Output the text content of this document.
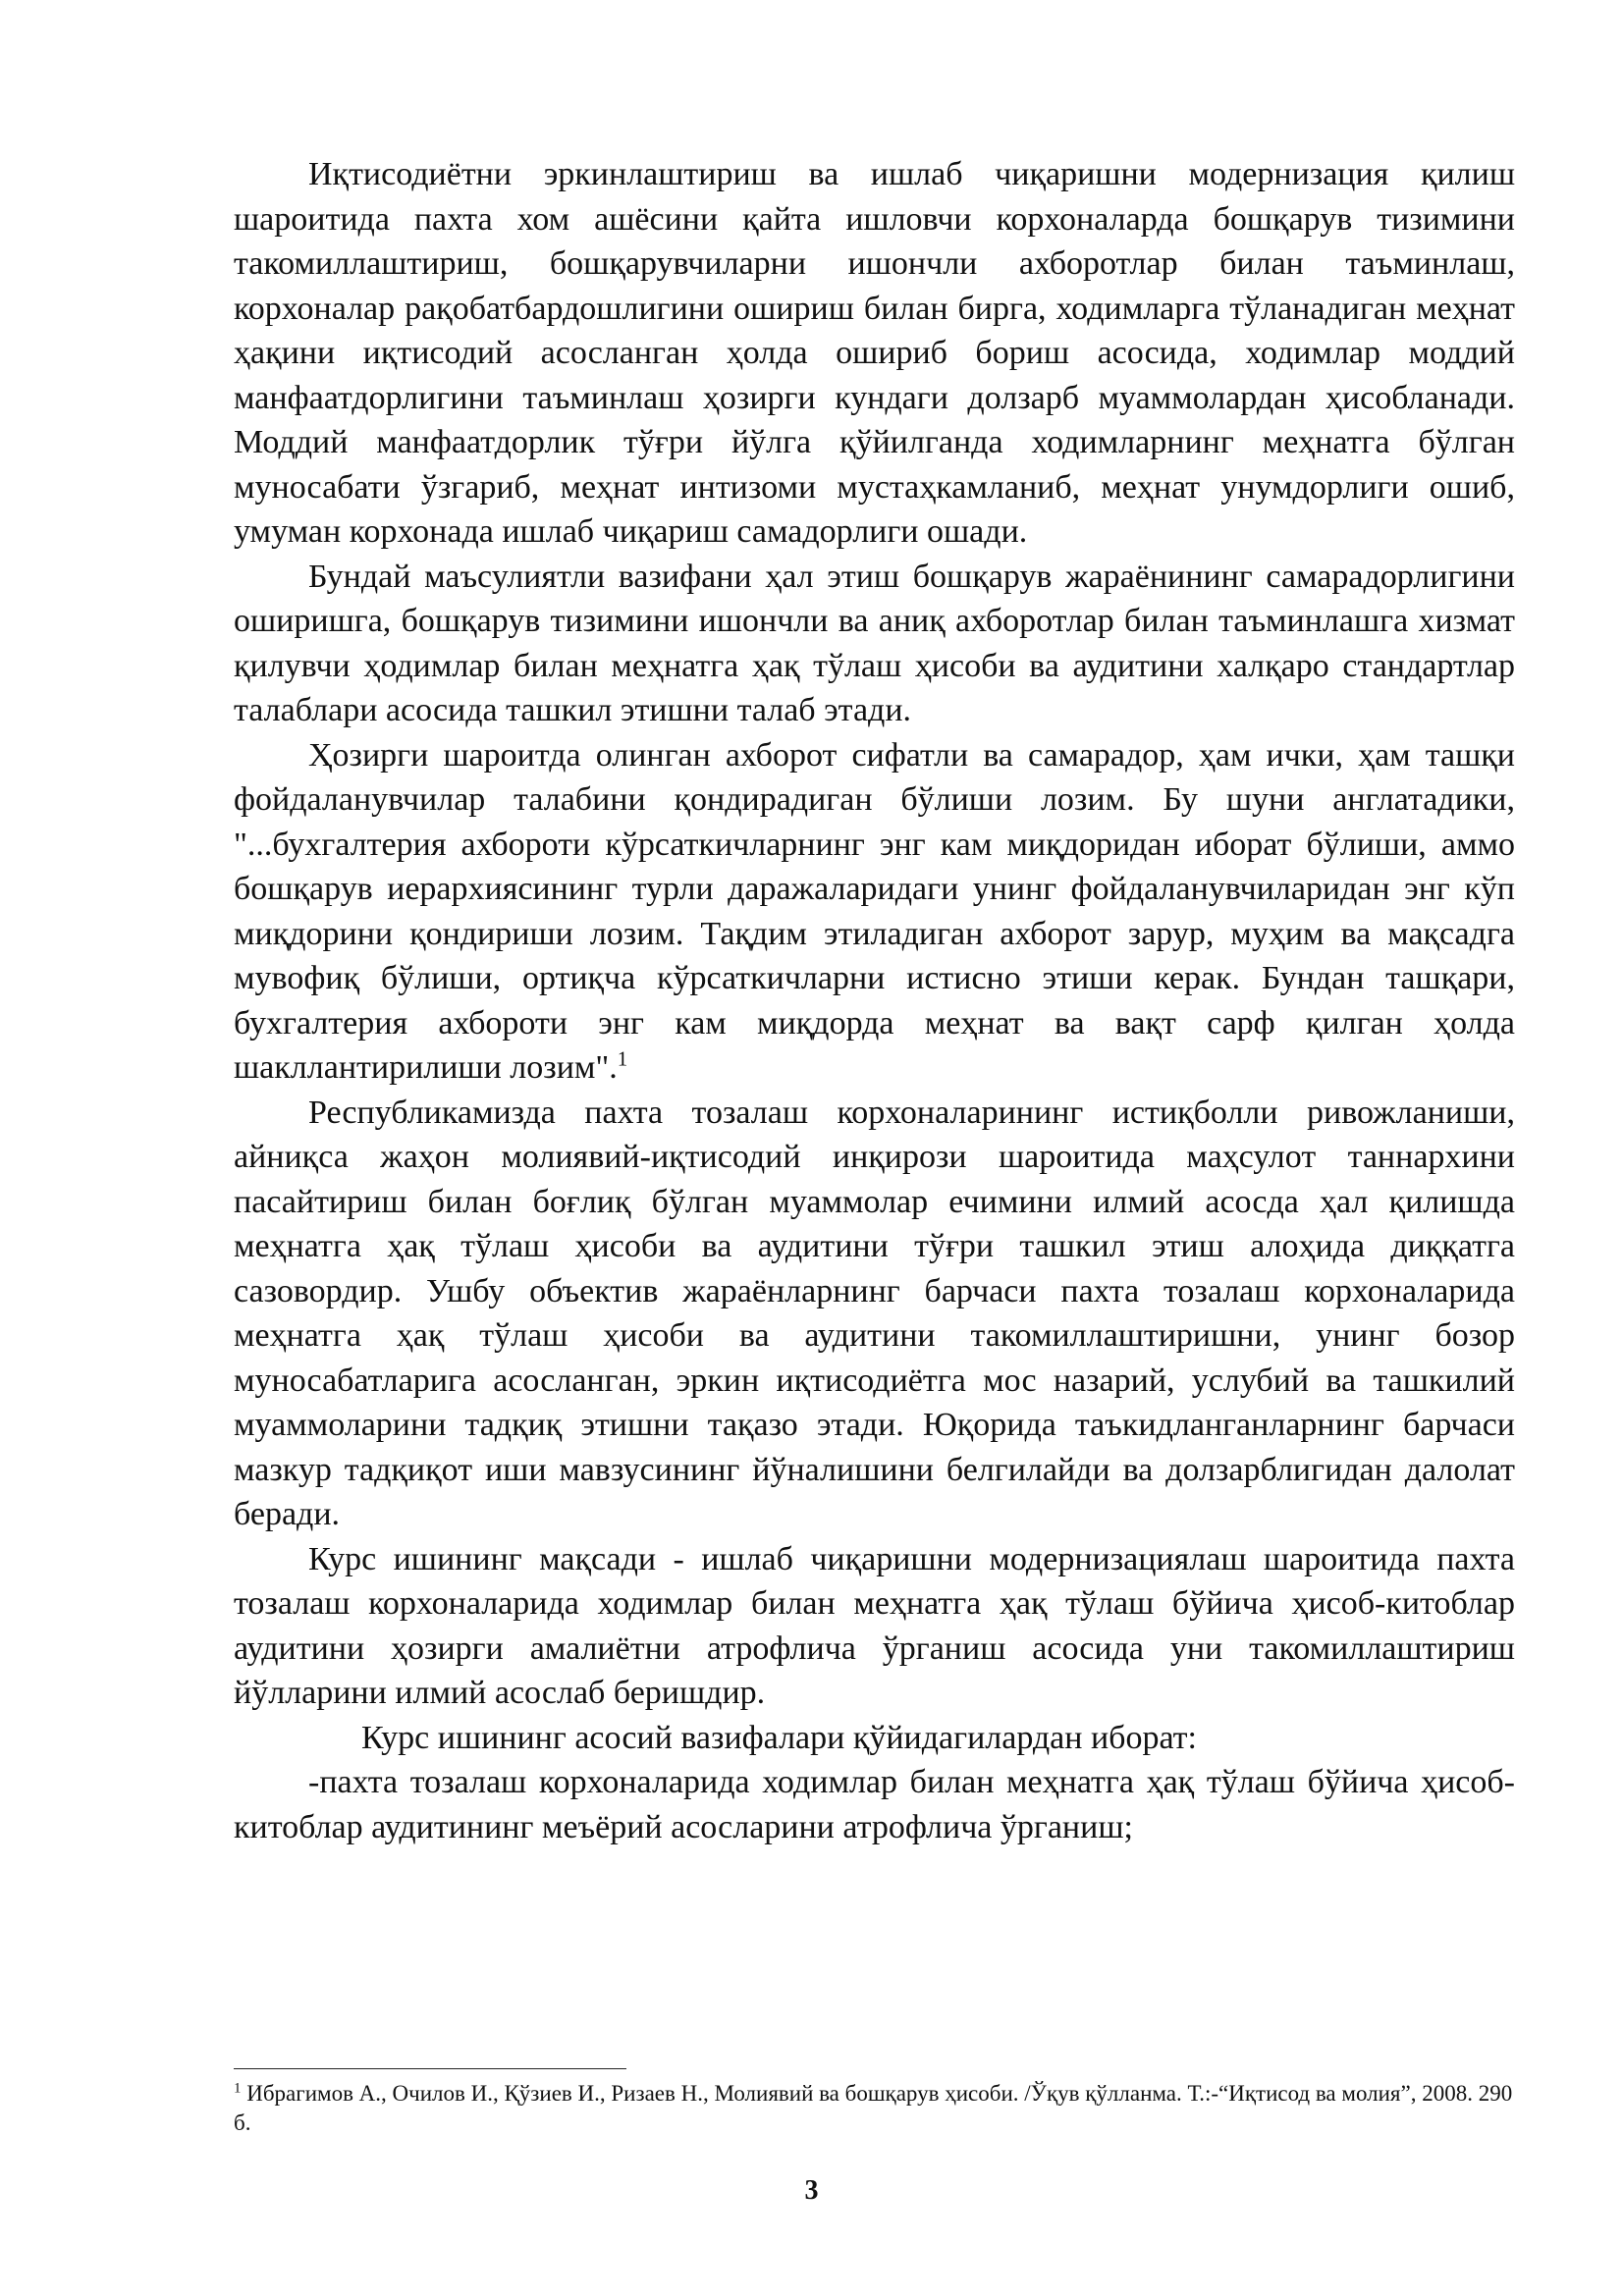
Иқтисодиётни эркинлаштириш ва ишлаб чиқаришни модернизация қилиш шароитида пахта хом ашёсини қайта ишловчи корхоналарда бошқарув тизимини такомиллаштириш, бошқарувчиларни ишончли ахборотлар билан таъминлаш, корхоналар рақобатбардошлигини ошириш билан бирга, ходимларга тўланадиган меҳнат ҳақини иқтисодий асосланган ҳолда ошириб бориш асосида, ходимлар моддий манфаатдорлигини таъминлаш ҳозирги кундаги долзарб муаммолардан ҳисобланади. Моддий манфаатдорлик тўғри йўлга қўйилганда ходимларнинг меҳнатга бўлган муносабати ўзгариб, меҳнат интизоми мустаҳкамланиб, меҳнат унумдорлиги ошиб, умуман корхонада ишлаб чиқариш самадорлиги ошади.

Бундай маъсулиятли вазифани ҳал этиш бошқарув жараёнининг самарадорлигини оширишга, бошқарув тизимини ишончли ва аниқ ахборотлар билан таъминлашга хизмат қилувчи ҳодимлар билан меҳнатга ҳақ тўлаш ҳисоби ва аудитини халқаро стандартлар талаблари асосида ташкил этишни талаб этади.

Ҳозирги шароитда олинган ахборот сифатли ва самарадор, ҳам ички, ҳам ташқи фойдаланувчилар талабини қондирадиган бўлиши лозим. Бу шуни англатадики, "...бухгалтерия ахбороти кўрсаткичларнинг энг кам миқдоридан иборат бўлиши, аммо бошқарув иерархиясининг турли даражаларидаги унинг фойдаланувчиларидан энг кўп миқдорини қондириши лозим. Тақдим этиладиган ахборот зарур, муҳим ва мақсадга мувофиқ бўлиши, ортиқча кўрсаткичларни истисно этиши керак. Бундан ташқари, бухгалтерия ахбороти энг кам миқдорда меҳнат ва вақт сарф қилган ҳолда шакллантирилиши лозим".$^1$

Республикамизда пахта тозалаш корхоналарининг истиқболли ривожланиши, айниқса жаҳон молиявий-иқтисодий инқирози шароитида маҳсулот таннархини пасайтириш билан боғлиқ бўлган муаммолар ечимини илмий асосда ҳал қилишда меҳнатга ҳақ тўлаш ҳисоби ва аудитини тўғри ташкил этиш алоҳида диққатга сазовордир. Ушбу объектив жараёнларнинг барчаси пахта тозалаш корхоналарида меҳнатга ҳақ тўлаш ҳисоби ва аудитини такомиллаштиришни, унинг бозор муносабатларига асосланган, эркин иқтисодиётга мос назарий, услубий ва ташкилий муаммоларини тадқиқ этишни тақазо этади. Юқорида таъкидланганларнинг барчаси мазкур тадқиқот иши мавзусининг йўналишини белгилайди ва долзарблигидан далолат беради.

Курс ишининг мақсади - ишлаб чиқаришни модернизациялаш шароитида пахта тозалаш корхоналарида ходимлар билан меҳнатга ҳақ тўлаш бўйича ҳисоб-китоблар аудитини ҳозирги амалиётни атрофлича ўрганиш асосида уни такомиллаштириш йўлларини илмий асослаб беришдир.

Курс ишининг асосий вазифалари қўйидагилардан иборат:

-пахта тозалаш корхоналарида ходимлар билан меҳнатга ҳақ тўлаш бўйича ҳисоб-китоблар аудитининг меъёрий асосларини атрофлича ўрганиш;

$^1$ Ибрагимов А., Очилов И., Қўзиев И., Ризаев Н., Молиявий ва бошқарув ҳисоби. /Ўқув қўлланма. Т.:-“Иқтисод ва молия”, 2008. 290 б.
3
